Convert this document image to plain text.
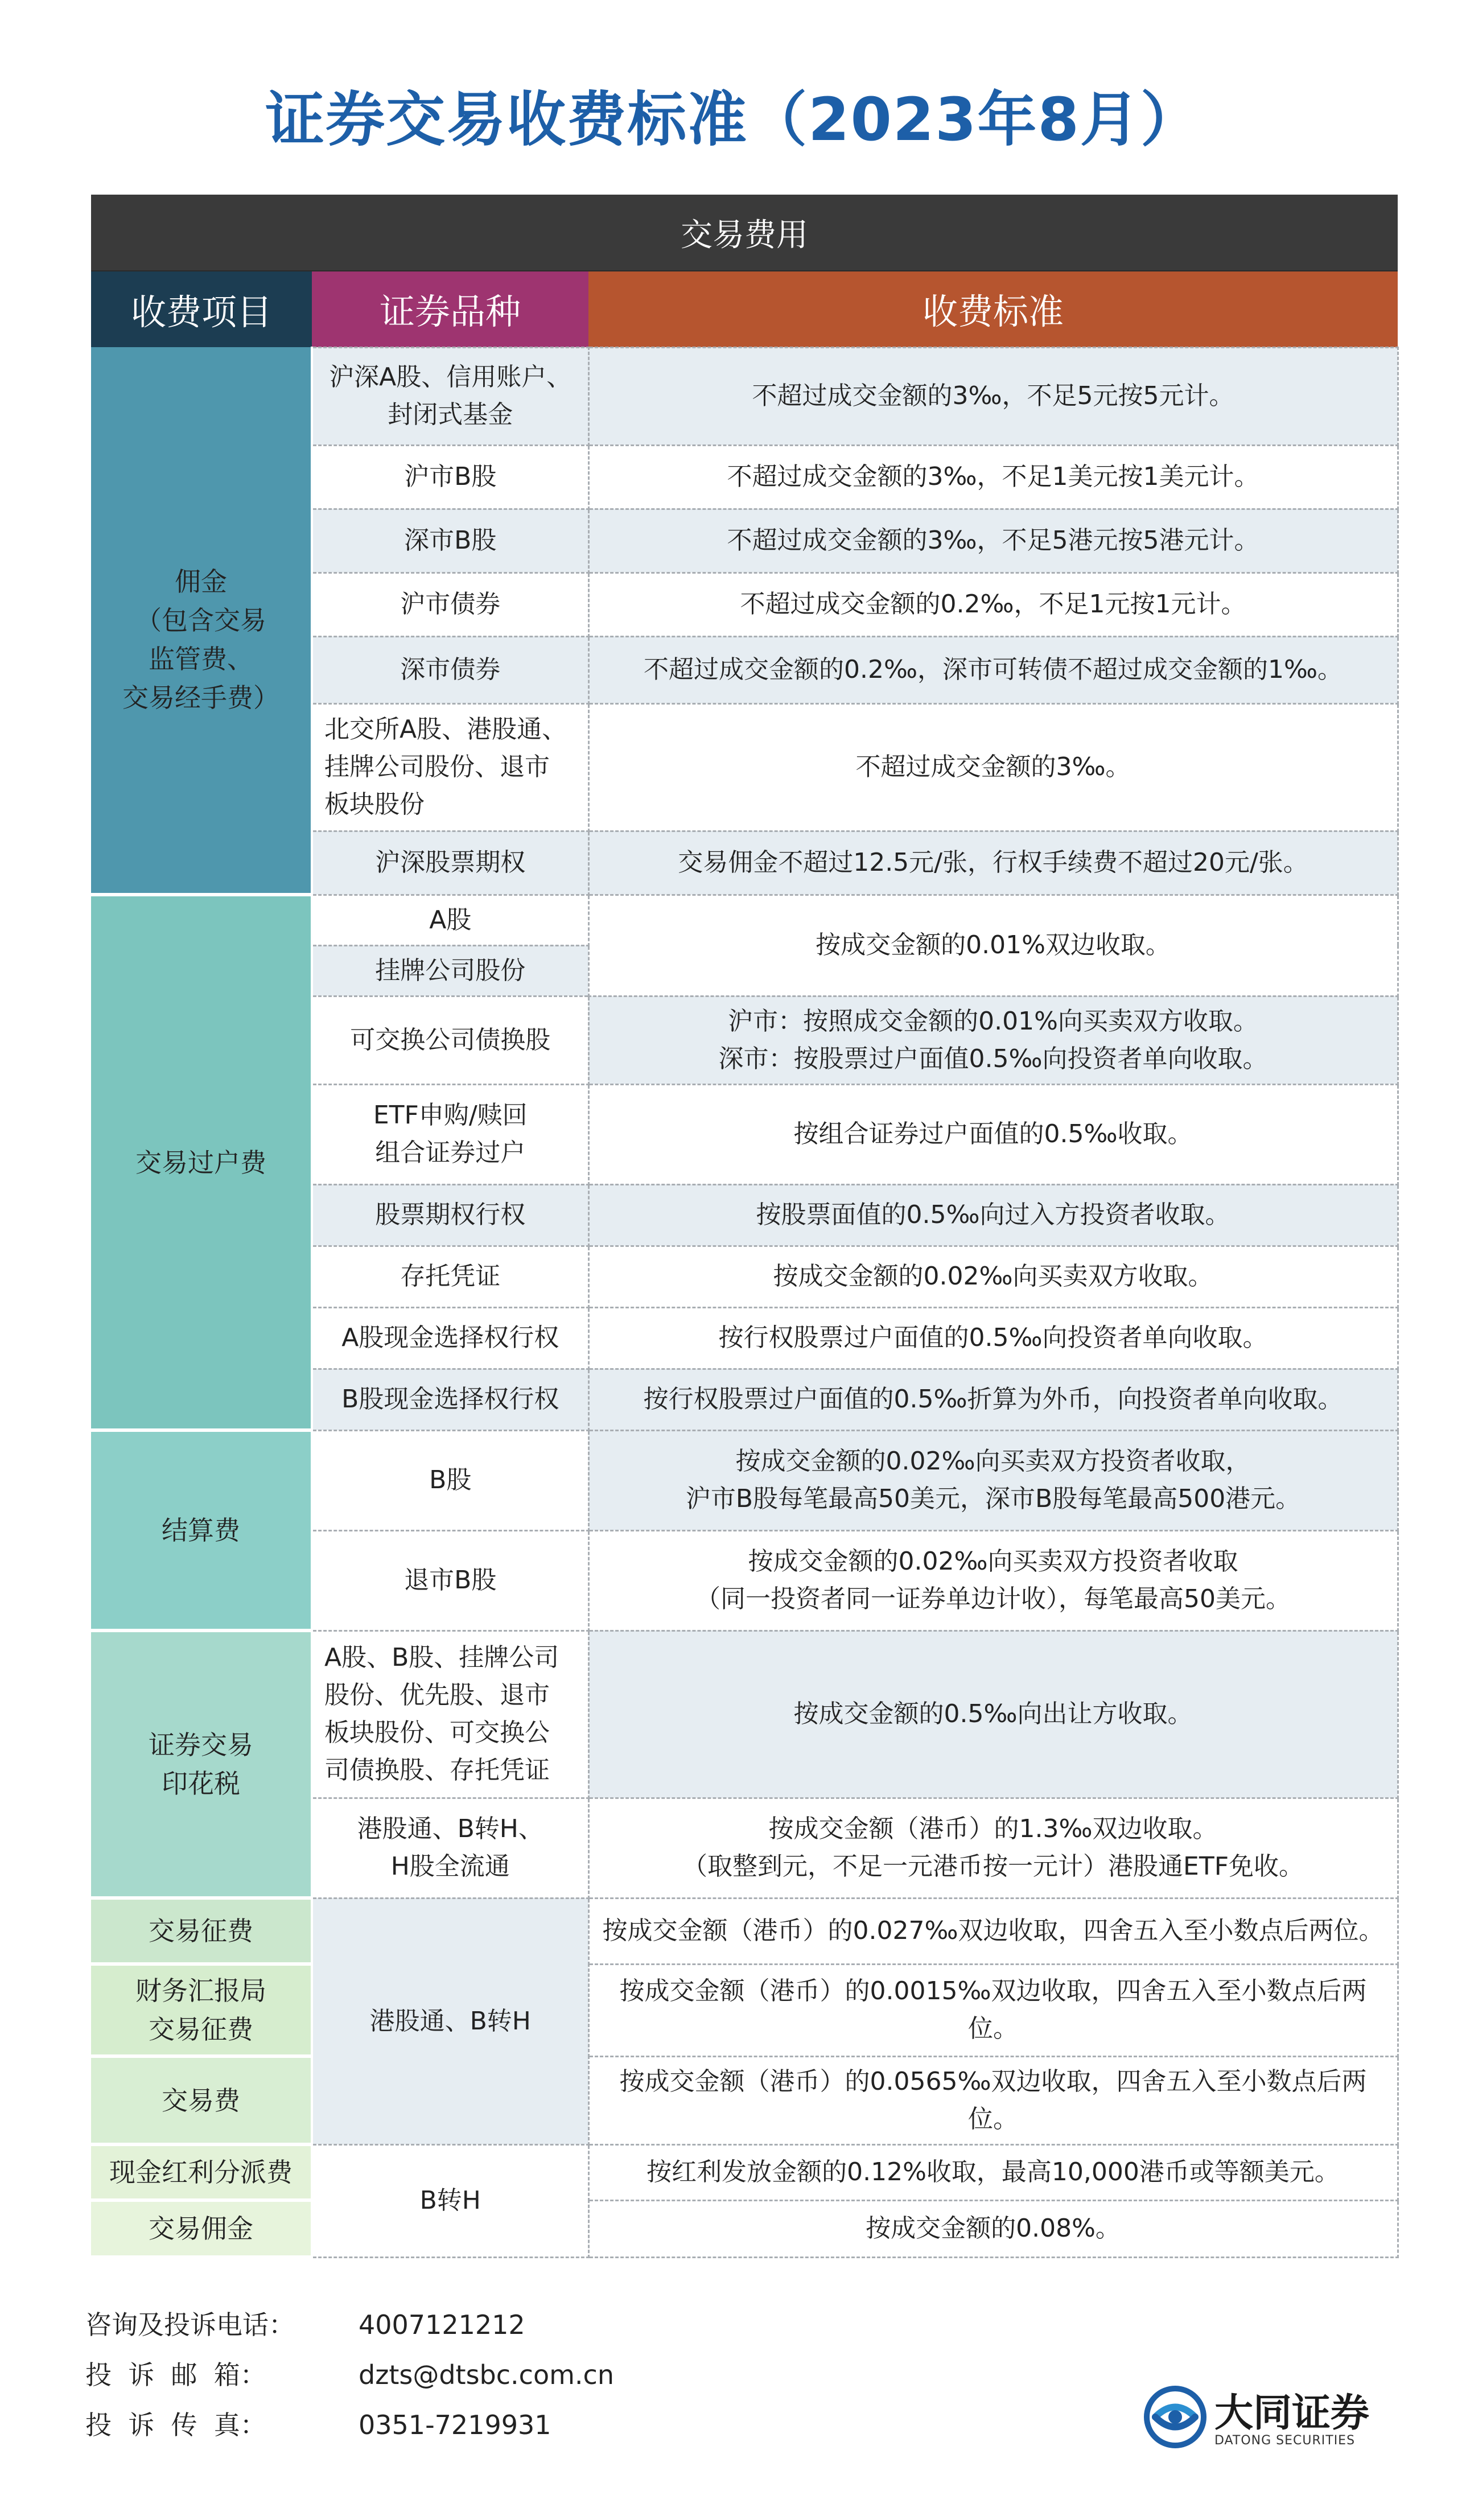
证券交易收费标准（2023年8月）
交易费用		
收费项目	证券品种	收费标准

佣金
（包含交易
监管费、
交易经手费）	沪深A股、信用账户、
封闭式基金	不超过成交金额的3‰，不足5元按5元计。
	沪市B股	不超过成交金额的3‰，不足1美元按1美元计。
	深市B股	不超过成交金额的3‰，不足5港元按5港元计。
	沪市债券	不超过成交金额的0.2‰，不足1元按1元计。
	深市债券	不超过成交金额的0.2‰，深市可转债不超过成交金额的1‰。
	北交所A股、港股通、
挂牌公司股份、退市
板块股份	不超过成交金额的3‰。
	沪深股票期权	交易佣金不超过12.5元/张，行权手续费不超过20元/张。
交易过户费	A股	按成交金额的0.01%双边收取。
	挂牌公司股份	
	可交换公司债换股	沪市：按照成交金额的0.01%向买卖双方收取。
深市：按股票过户面值0.5‰向投资者单向收取。
	ETF申购/赎回
组合证券过户	按组合证券过户面值的0.5‰收取。
	股票期权行权	按股票面值的0.5‰向过入方投资者收取。
	存托凭证	按成交金额的0.02‰向买卖双方收取。
	A股现金选择权行权	按行权股票过户面值的0.5‰向投资者单向收取。
	B股现金选择权行权	按行权股票过户面值的0.5‰折算为外币，向投资者单向收取。
结算费	B股	按成交金额的0.02‰向买卖双方投资者收取，
沪市B股每笔最高50美元，深市B股每笔最高500港元。
	退市B股	按成交金额的0.02‰向买卖双方投资者收取
（同一投资者同一证券单边计收），每笔最高50美元。
证券交易
印花税	A股、B股、挂牌公司
股份、优先股、退市
板块股份、可交换公
司债换股、存托凭证	按成交金额的0.5‰向出让方收取。
	港股通、B转H、
H股全流通	按成交金额（港币）的1.3‰双边收取。
（取整到元，不足一元港币按一元计）港股通ETF免收。
交易征费	港股通、B转H	按成交金额（港币）的0.027‰双边收取，四舍五入至小数点后两位。
财务汇报局
交易征费		按成交金额（港币）的0.0015‰双边收取，四舍五入至小数点后两位。
交易费		按成交金额（港币）的0.0565‰双边收取，四舍五入至小数点后两位。
现金红利分派费	B转H	按红利发放金额的0.12%收取，最高10,000港币或等额美元。
交易佣金		按成交金额的0.08%。
咨询及投诉电话： 4007121212
投  诉  邮  箱：	dzts@dtsbc.com.cn
投  诉  传  真：	0351-7219931	大同证券
DATONG SECURITIES
